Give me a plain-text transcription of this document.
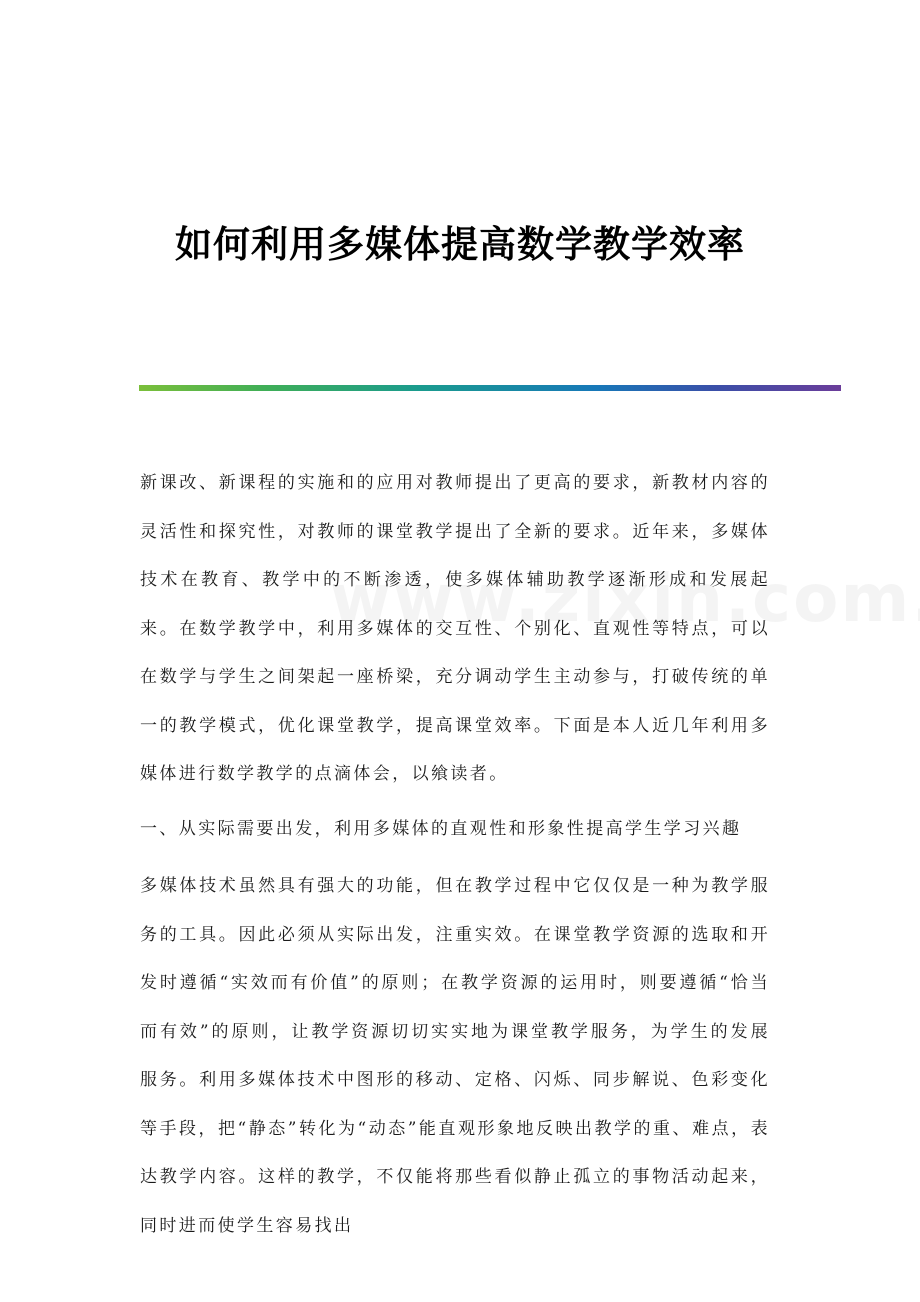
如何利用多媒体提高数学教学效率

新课改、新课程的实施和的应用对教师提出了更高的要求，新教材内容的灵活性和探究性，对教师的课堂教学提出了全新的要求。近年来，多媒体技术在教育、教学中的不断渗透，使多媒体辅助教学逐渐形成和发展起来。在数学教学中，利用多媒体的交互性、个别化、直观性等特点，可以在数学与学生之间架起一座桥梁，充分调动学生主动参与，打破传统的单一的教学模式，优化课堂教学，提高课堂效率。下面是本人近几年利用多媒体进行数学教学的点滴体会，以飨读者。

一、从实际需要出发，利用多媒体的直观性和形象性提高学生学习兴趣

多媒体技术虽然具有强大的功能，但在教学过程中它仅仅是一种为教学服务的工具。因此必须从实际出发，注重实效。在课堂教学资源的选取和开发时遵循“实效而有价值”的原则；在教学资源的运用时，则要遵循“恰当而有效”的原则，让教学资源切切实实地为课堂教学服务，为学生的发展服务。利用多媒体技术中图形的移动、定格、闪烁、同步解说、色彩变化等手段，把“静态”转化为“动态”能直观形象地反映出教学的重、难点，表达教学内容。这样的教学，不仅能将那些看似静止孤立的事物活动起来，同时进而使学生容易找出
